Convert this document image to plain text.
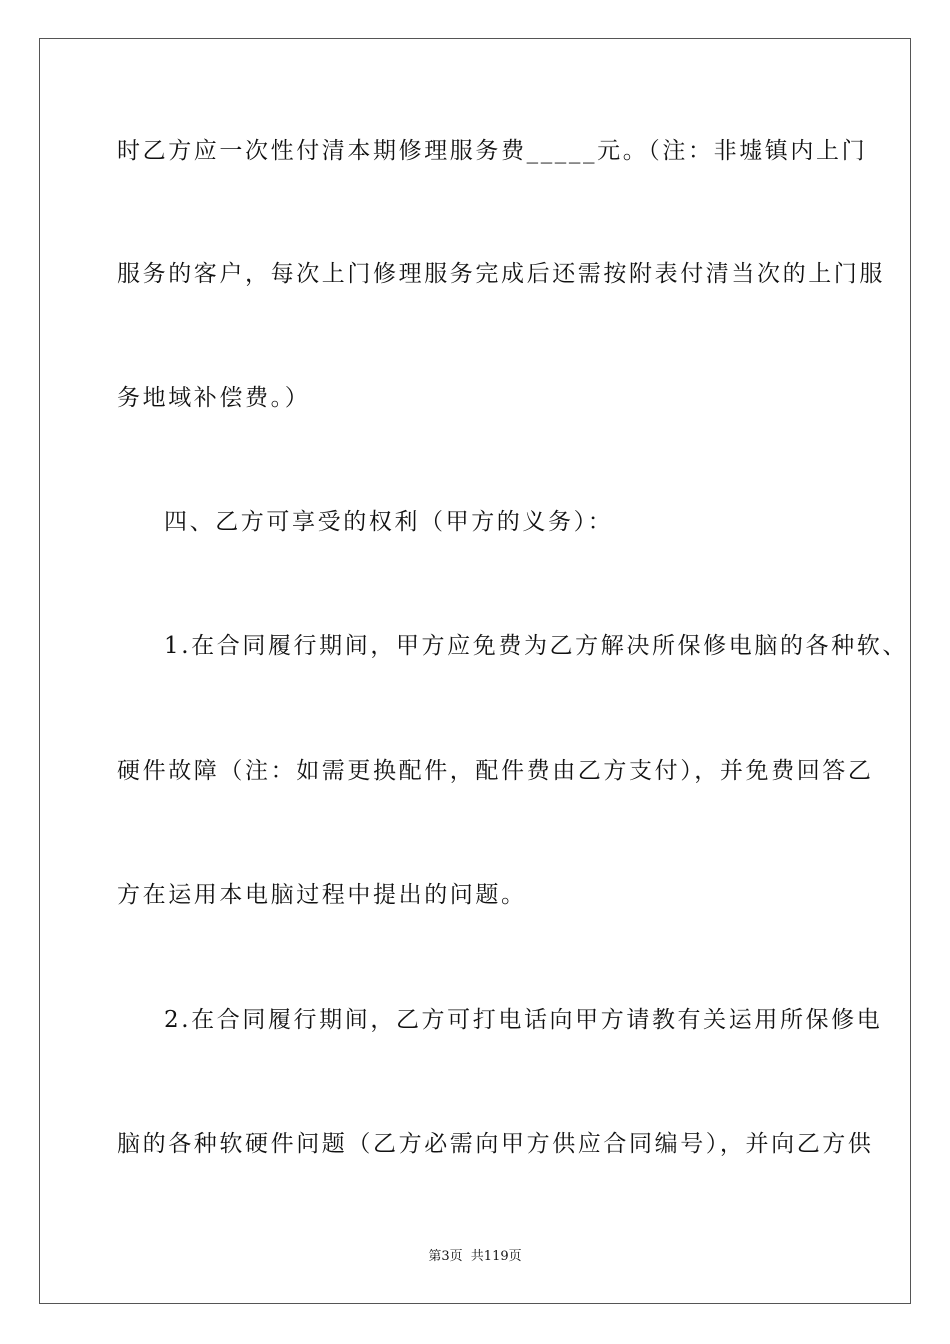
时乙方应一次性付清本期修理服务费_____元。（注：非墟镇内上门
服务的客户，每次上门修理服务完成后还需按附表付清当次的上门服
务地域补偿费。）
四、乙方可享受的权利（甲方的义务）：
1.在合同履行期间，甲方应免费为乙方解决所保修电脑的各种软、
硬件故障（注：如需更换配件，配件费由乙方支付），并免费回答乙
方在运用本电脑过程中提出的问题。
2.在合同履行期间，乙方可打电话向甲方请教有关运用所保修电
脑的各种软硬件问题（乙方必需向甲方供应合同编号），并向乙方供
第3页 共119页
